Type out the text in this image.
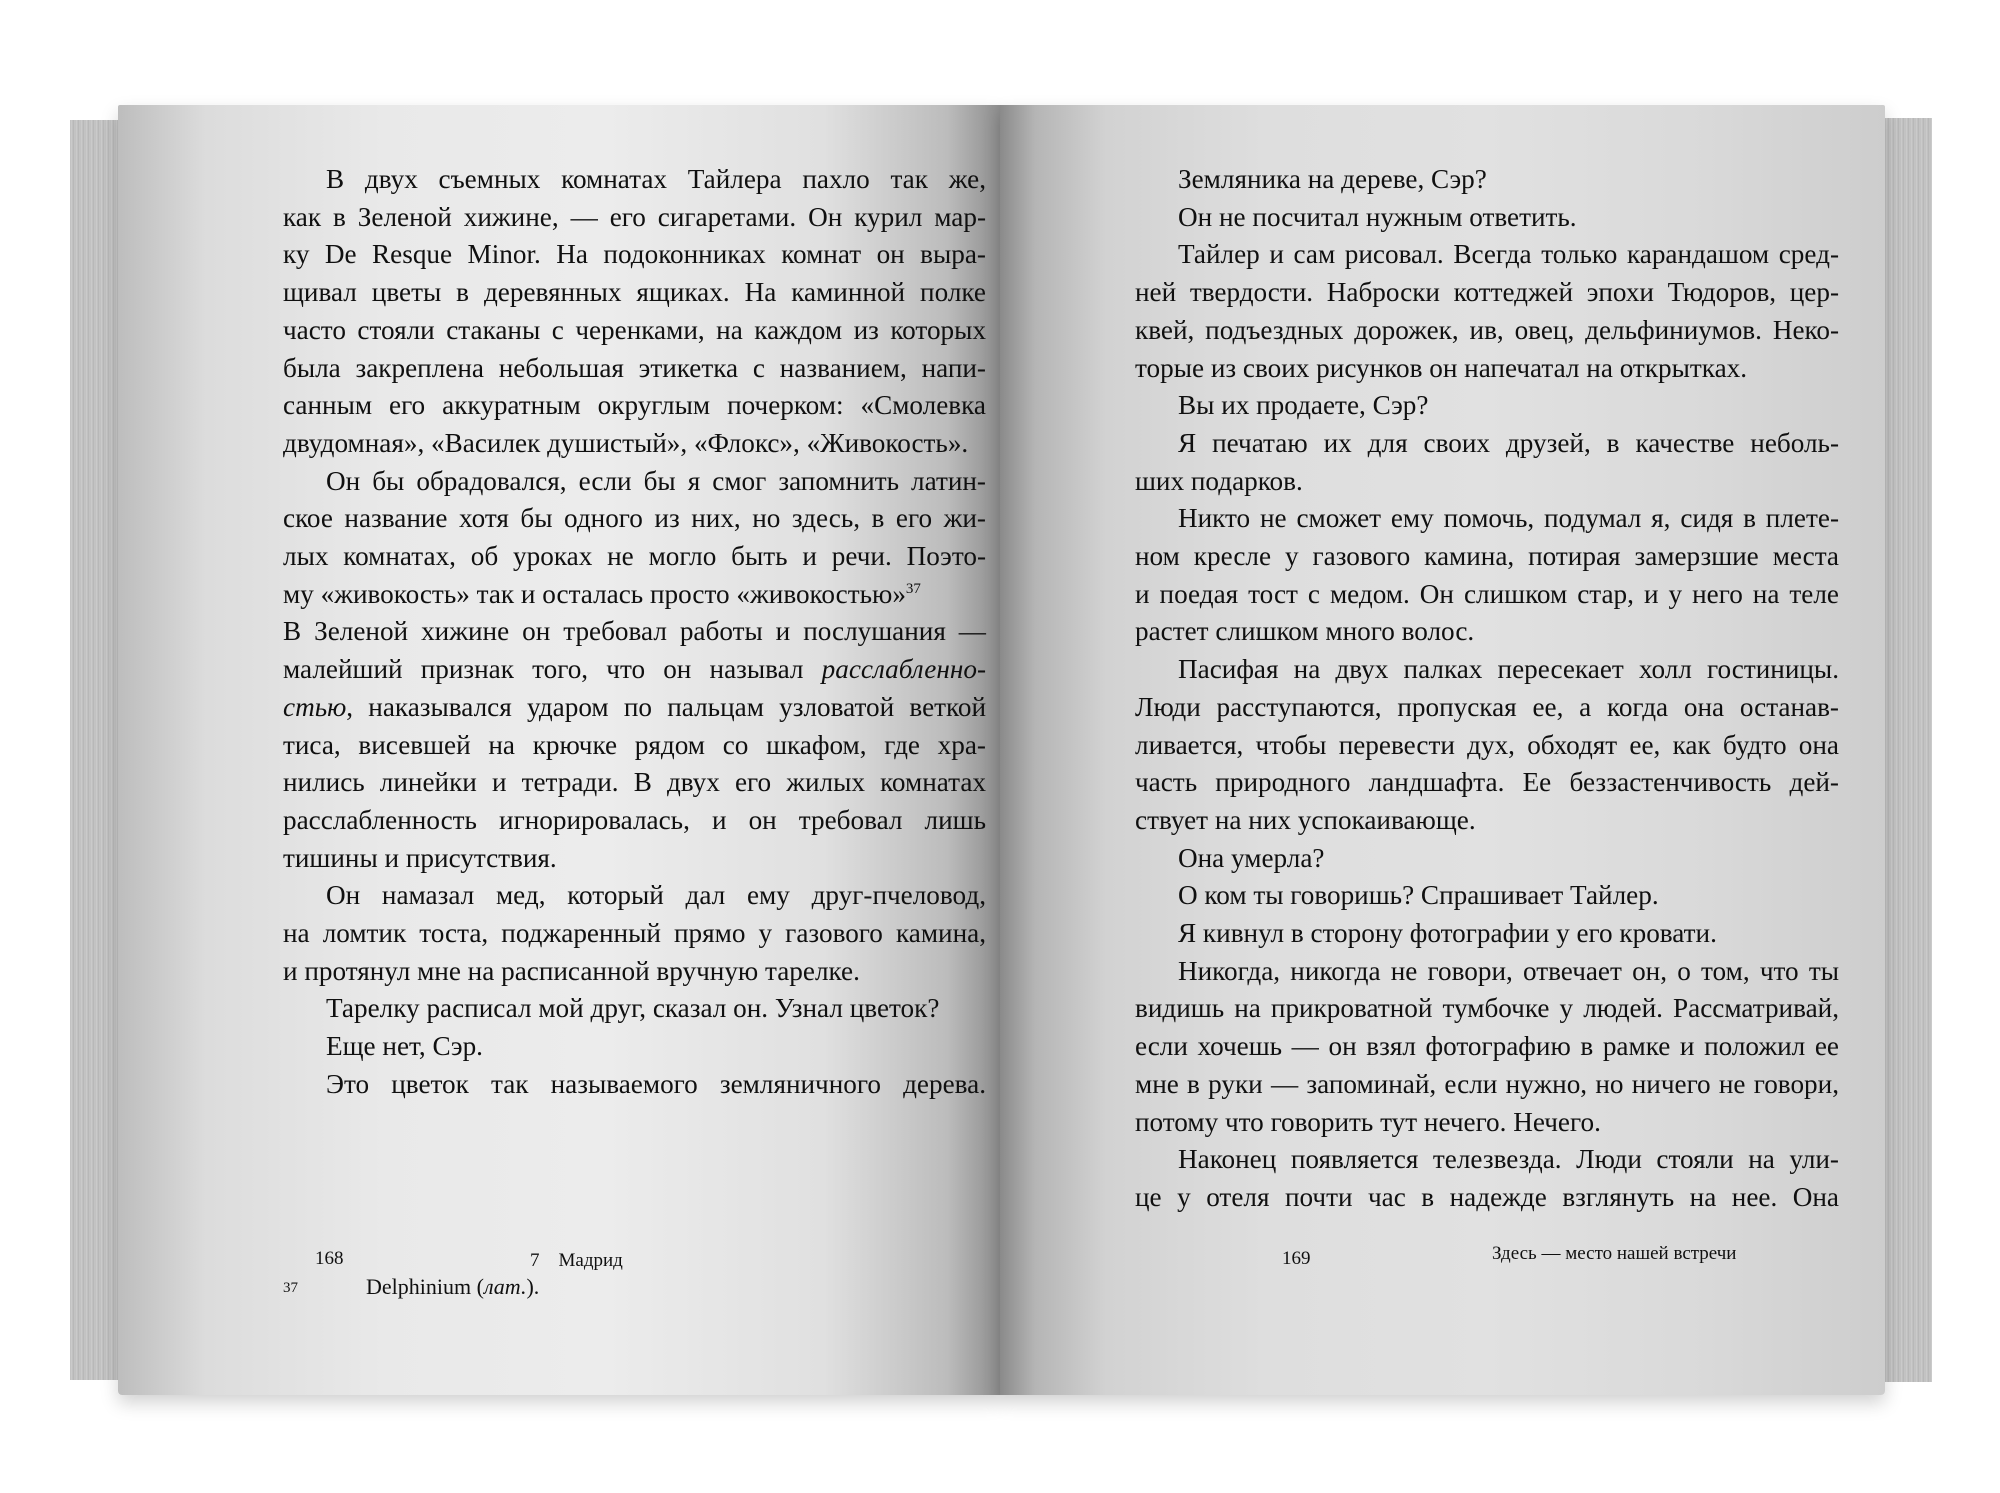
В двух съемных комнатах Тайлера пахло так же,
как в Зеленой хижине, — его сигаретами. Он курил мар-
ку De Resque Minor. На подоконниках комнат он выра-
щивал цветы в деревянных ящиках. На каминной полке
часто стояли стаканы с черенками, на каждом из которых
была закреплена небольшая этикетка с названием, напи-
санным его аккуратным округлым почерком: «Смолевка
двудомная», «Василек душистый», «Флокс», «Живокость».
Он бы обрадовался, если бы я смог запомнить латин-
ское название хотя бы одного из них, но здесь, в его жи-
лых комнатах, об уроках не могло быть и речи. Поэто-
му «живокость» так и осталась просто «живокостью»$^{37}$
В Зеленой хижине он требовал работы и послушания —
малейший признак того, что он называл расслабленно-
стью, наказывался ударом по пальцам узловатой веткой
тиса, висевшей на крючке рядом со шкафом, где хра-
нились линейки и тетради. В двух его жилых комнатах
расслабленность игнорировалась, и он требовал лишь
тишины и присутствия.
Он намазал мед, который дал ему друг-пчеловод,
на ломтик тоста, поджаренный прямо у газового камина,
и протянул мне на расписанной вручную тарелке.
Тарелку расписал мой друг, сказал он. Узнал цветок?
Еще нет, Сэр.
Это цветок так называемого земляничного дерева.
37	Delphinium (лат.).
168	7    Мадрид
Земляника на дереве, Сэр?
Он не посчитал нужным ответить.
Тайлер и сам рисовал. Всегда только карандашом сред-
ней твердости. Наброски коттеджей эпохи Тюдоров, цер-
квей, подъездных дорожек, ив, овец, дельфиниумов. Неко-
торые из своих рисунков он напечатал на открытках.
Вы их продаете, Сэр?
Я печатаю их для своих друзей, в качестве неболь-
ших подарков.
Никто не сможет ему помочь, подумал я, сидя в плете-
ном кресле у газового камина, потирая замерзшие места
и поедая тост с медом. Он слишком стар, и у него на теле
растет слишком много волос.
Пасифая на двух палках пересекает холл гостиницы.
Люди расступаются, пропуская ее, а когда она останав-
ливается, чтобы перевести дух, обходят ее, как будто она
часть природного ландшафта. Ее беззастенчивость дей-
ствует на них успокаивающе.
Она умерла?
О ком ты говоришь? Спрашивает Тайлер.
Я кивнул в сторону фотографии у его кровати.
Никогда, никогда не говори, отвечает он, о том, что ты
видишь на прикроватной тумбочке у людей. Рассматривай,
если хочешь — он взял фотографию в рамке и положил ее
мне в руки — запоминай, если нужно, но ничего не говори,
потому что говорить тут нечего. Нечего.
Наконец появляется телезвезда. Люди стояли на ули-
це у отеля почти час в надежде взглянуть на нее. Она
169	Здесь — место нашей встречи
